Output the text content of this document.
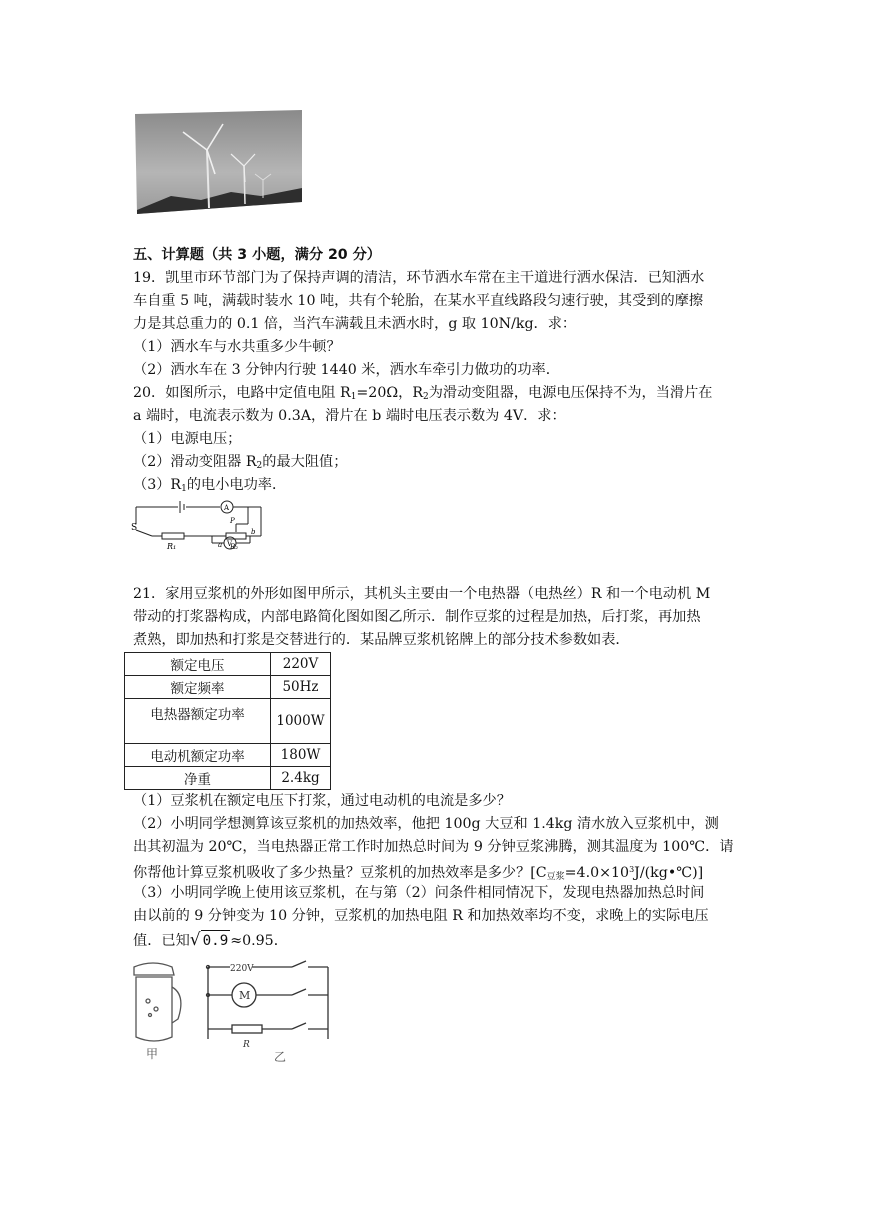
五、计算题（共 3 小题，满分 20 分）
19．凯里市环节部门为了保持声调的清洁，环节洒水车常在主干道进行洒水保洁．已知洒水
车自重 5 吨，满载时装水 10 吨，共有个轮胎，在某水平直线路段匀速行驶，其受到的摩擦
力是其总重力的 0.1 倍，当汽车满载且未洒水时，g 取 10N/kg．求：
（1）洒水车与水共重多少牛顿？
（2）洒水车在 3 分钟内行驶 1440 米，洒水车牵引力做功的功率．
20．如图所示，电路中定值电阻 $R_1=20\Omega$，$R_2$为滑动变阻器，电源电压保持不为，当滑片在
a 端时，电流表示数为 0.3A，滑片在 b 端时电压表示数为 4V．求：
（1）电源电压；
（2）滑动变阻器 $R_2$的最大阻值；
$(3)R_1$的电小电功率．
S
R₁	R₂
a
b
P
A
V
21．家用豆浆机的外形如图甲所示，其机头主要由一个电热器（电热丝）R 和一个电动机 M
带动的打浆器构成，内部电路简化图如图乙所示．制作豆浆的过程是加热，后打浆，再加热
煮熟，即加热和打浆是交替进行的．某品牌豆浆机铭牌上的部分技术参数如表．
额定电压	220V
额定频率	50Hz
电热器额定功率	1000W
电动机额定功率	180W
净重	2.4kg
（1）豆浆机在额定电压下打浆，通过电动机的电流是多少？
（2）小明同学想测算该豆浆机的加热效率，他把 100g 大豆和 1.4kg 清水放入豆浆机中，测
出其初温为 20℃，当电热器正常工作时加热总时间为 9 分钟豆浆沸腾，测其温度为 100℃．请
你帮他计算豆浆机吸收了多少热量？豆浆机的加热效率是多少？$[C_{豆浆}=4.0\times 10^3J/(kg•℃)]$
（3）小明同学晚上使用该豆浆机，在与第（2）问条件相同情况下，发现电热器加热总时间
由以前的 9 分钟变为 10 分钟，豆浆机的加热电阻 R 和加热效率均不变，求晚上的实际电压
值．已知√ 0.9 ≈0.95．
甲
220V
M
R
乙
